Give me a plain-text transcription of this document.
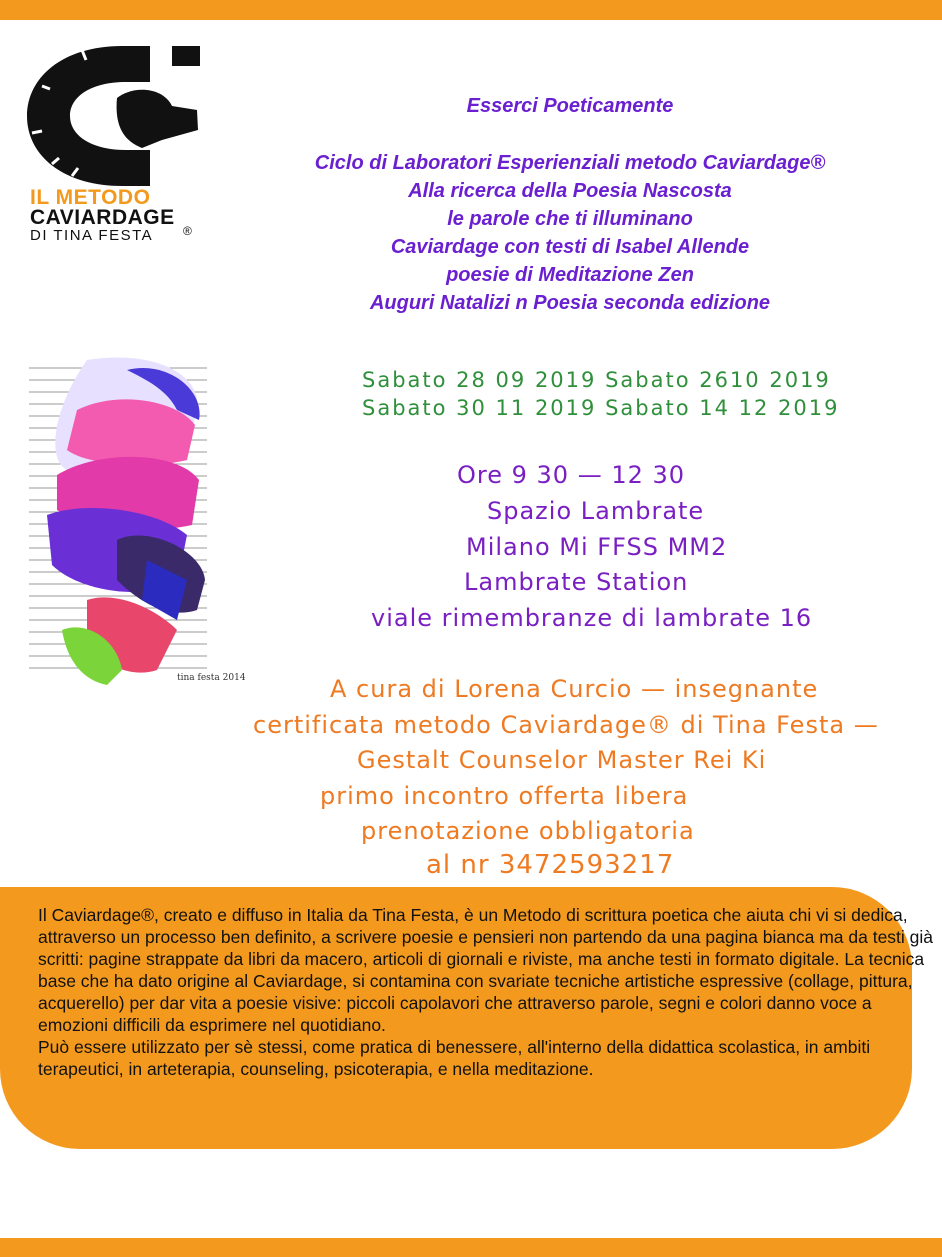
IL METODO
CAVIARDAGE
DI TINA FESTA ®
Esserci Poeticamente
Ciclo di Laboratori Esperienziali metodo Caviardage®
Alla ricerca della Poesia Nascosta
le parole che ti illuminano
Caviardage con testi di Isabel Allende
poesie di Meditazione Zen
Auguri Natalizi n Poesia seconda edizione
tina festa 2014
Sabato 28 09 2019 Sabato 2610 2019
Sabato 30 11 2019 Sabato 14 12 2019
Ore 9 30 — 12 30
Spazio Lambrate
Milano Mi FFSS MM2
Lambrate Station
viale rimembranze di lambrate 16
A cura di Lorena Curcio — insegnante
certificata metodo Caviardage® di Tina Festa —
Gestalt Counselor Master Rei Ki
primo incontro offerta libera
prenotazione obbligatoria
al nr 3472593217

Il Caviardage®, creato e diffuso in Italia da Tina Festa, è un Metodo di scrittura poetica che aiuta chi vi si dedica, attraverso un processo ben definito, a scrivere poesie e pensieri non partendo da una pagina bianca ma da testi già scritti: pagine strappate da libri da macero, articoli di giornali e riviste, ma anche testi in formato digitale. La tecnica base che ha dato origine al Caviardage, si contamina con svariate tecniche artistiche espressive (collage, pittura, acquerello) per dar vita a poesie visive: piccoli capolavori che attraverso parole, segni e colori danno voce a emozioni difficili da esprimere nel quotidiano.

Può essere utilizzato per sè stessi, come pratica di benessere, all'interno della didattica scolastica, in ambiti terapeutici, in arteterapia, counseling, psicoterapia, e nella meditazione.
